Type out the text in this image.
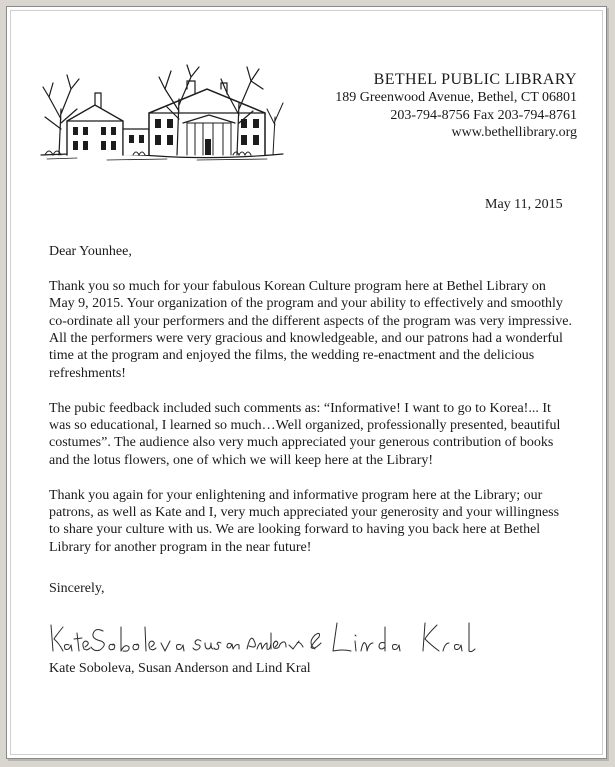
BETHEL PUBLIC LIBRARY
189 Greenwood Avenue, Bethel, CT 06801
203-794-8756 Fax 203-794-8761
www.bethellibrary.org
May 11, 2015

Dear Younhee,

Thank you so much for your fabulous Korean Culture program here at Bethel Library on May 9, 2015. Your organization of the program and your ability to effectively and smoothly co-ordinate all your performers and the different aspects of the program was very impressive. All the performers were very gracious and knowledgeable, and our patrons had a wonderful time at the program and enjoyed the films, the wedding re-enactment and the delicious refreshments!

The pubic feedback included such comments as: “Informative! I want to go to Korea!... It was so educational, I learned so much…Well organized, professionally presented, beautiful costumes”. The audience also very much appreciated your generous contribution of books and the lotus flowers, one of which we will keep here at the Library!

Thank you again for your enlightening and informative program here at the Library; our patrons, as well as Kate and I, very much appreciated your generosity and your willingness to share your culture with us. We are looking forward to having you back here at Bethel Library for another program in the near future!

Sincerely,
Kate Soboleva, Susan Anderson and Lind Kral
